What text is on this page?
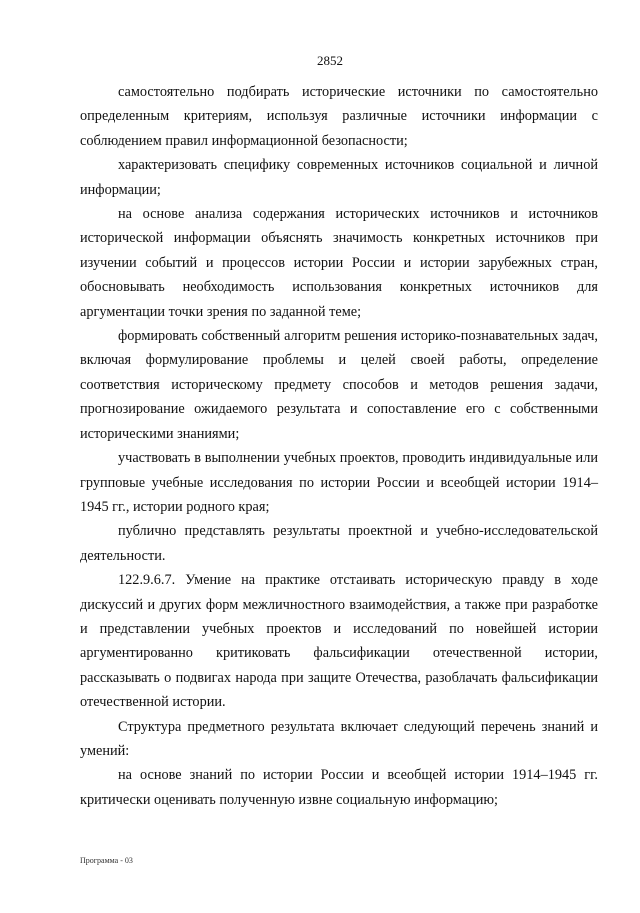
2852

самостоятельно подбирать исторические источники по самостоятельно определенным критериям, используя различные источники информации с соблюдением правил информационной безопасности;

характеризовать специфику современных источников социальной и личной информации;

на основе анализа содержания исторических источников и источников исторической информации объяснять значимость конкретных источников при изучении событий и процессов истории России и истории зарубежных стран, обосновывать необходимость использования конкретных источников для аргументации точки зрения по заданной теме;

формировать собственный алгоритм решения историко-познавательных задач, включая формулирование проблемы и целей своей работы, определение соответствия историческому предмету способов и методов решения задачи, прогнозирование ожидаемого результата и сопоставление его с собственными историческими знаниями;

участвовать в выполнении учебных проектов, проводить индивидуальные или групповые учебные исследования по истории России и всеобщей истории 1914–1945 гг., истории родного края;

публично представлять результаты проектной и учебно-исследовательской деятельности.

122.9.6.7. Умение на практике отстаивать историческую правду в ходе дискуссий и других форм межличностного взаимодействия, а также при разработке и представлении учебных проектов и исследований по новейшей истории аргументированно критиковать фальсификации отечественной истории, рассказывать о подвигах народа при защите Отечества, разоблачать фальсификации отечественной истории.

Структура предметного результата включает следующий перечень знаний и умений:

на основе знаний по истории России и всеобщей истории 1914–1945 гг. критически оценивать полученную извне социальную информацию;

Программа - 03
